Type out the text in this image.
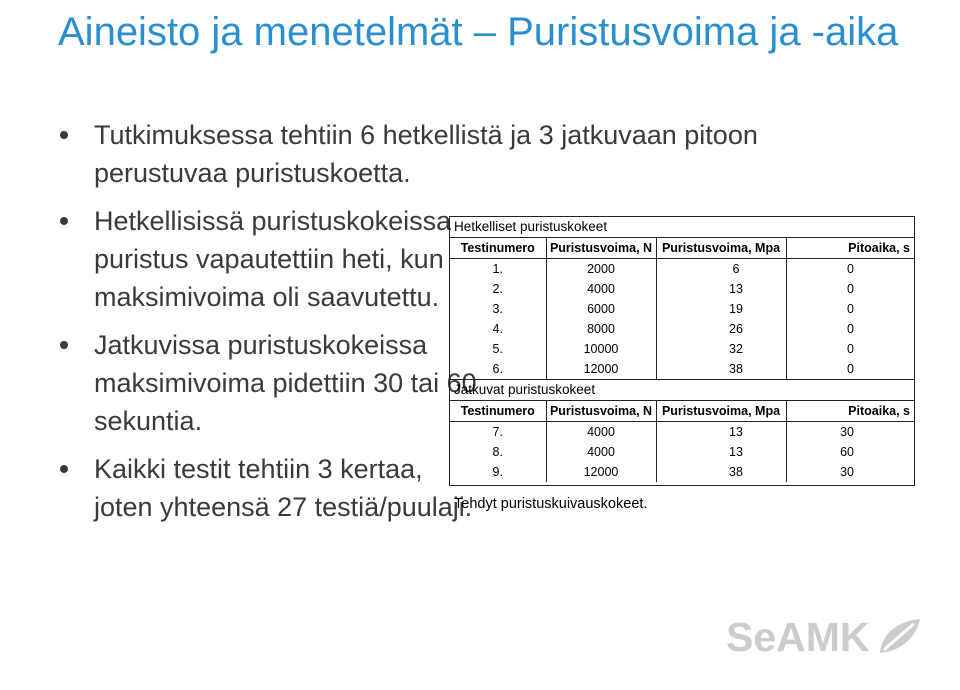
Aineisto ja menetelmät – Puristusvoima ja -aika
Tutkimuksessa tehtiin 6 hetkellistä ja 3 jatkuvaan pitoon perustuvaa puristuskoetta.
Hetkellisissä puristuskokeissa puristus vapautettiin heti, kun maksimivoima oli saavutettu.
Jatkuvissa puristuskokeissa maksimivoima pidettiin 30 tai 60 sekuntia.
Kaikki testit tehtiin 3 kertaa, joten yhteensä 27 testiä/puulaji.
Hetkelliset puristuskokeet			
Testinumero	Puristusvoima, N	Puristusvoima, Mpa	Pitoaika, s
1.	2000	6	0
2.	4000	13	0
3.	6000	19	0
4.	8000	26	0
5.	10000	32	0
6.	12000	38	0
Jatkuvat puristuskokeet			
Testinumero	Puristusvoima, N	Puristusvoima, Mpa	Pitoaika, s
7.	4000	13	30
8.	4000	13	60
9.	12000	38	30
Tehdyt puristuskuivauskokeet.
SeAMK
